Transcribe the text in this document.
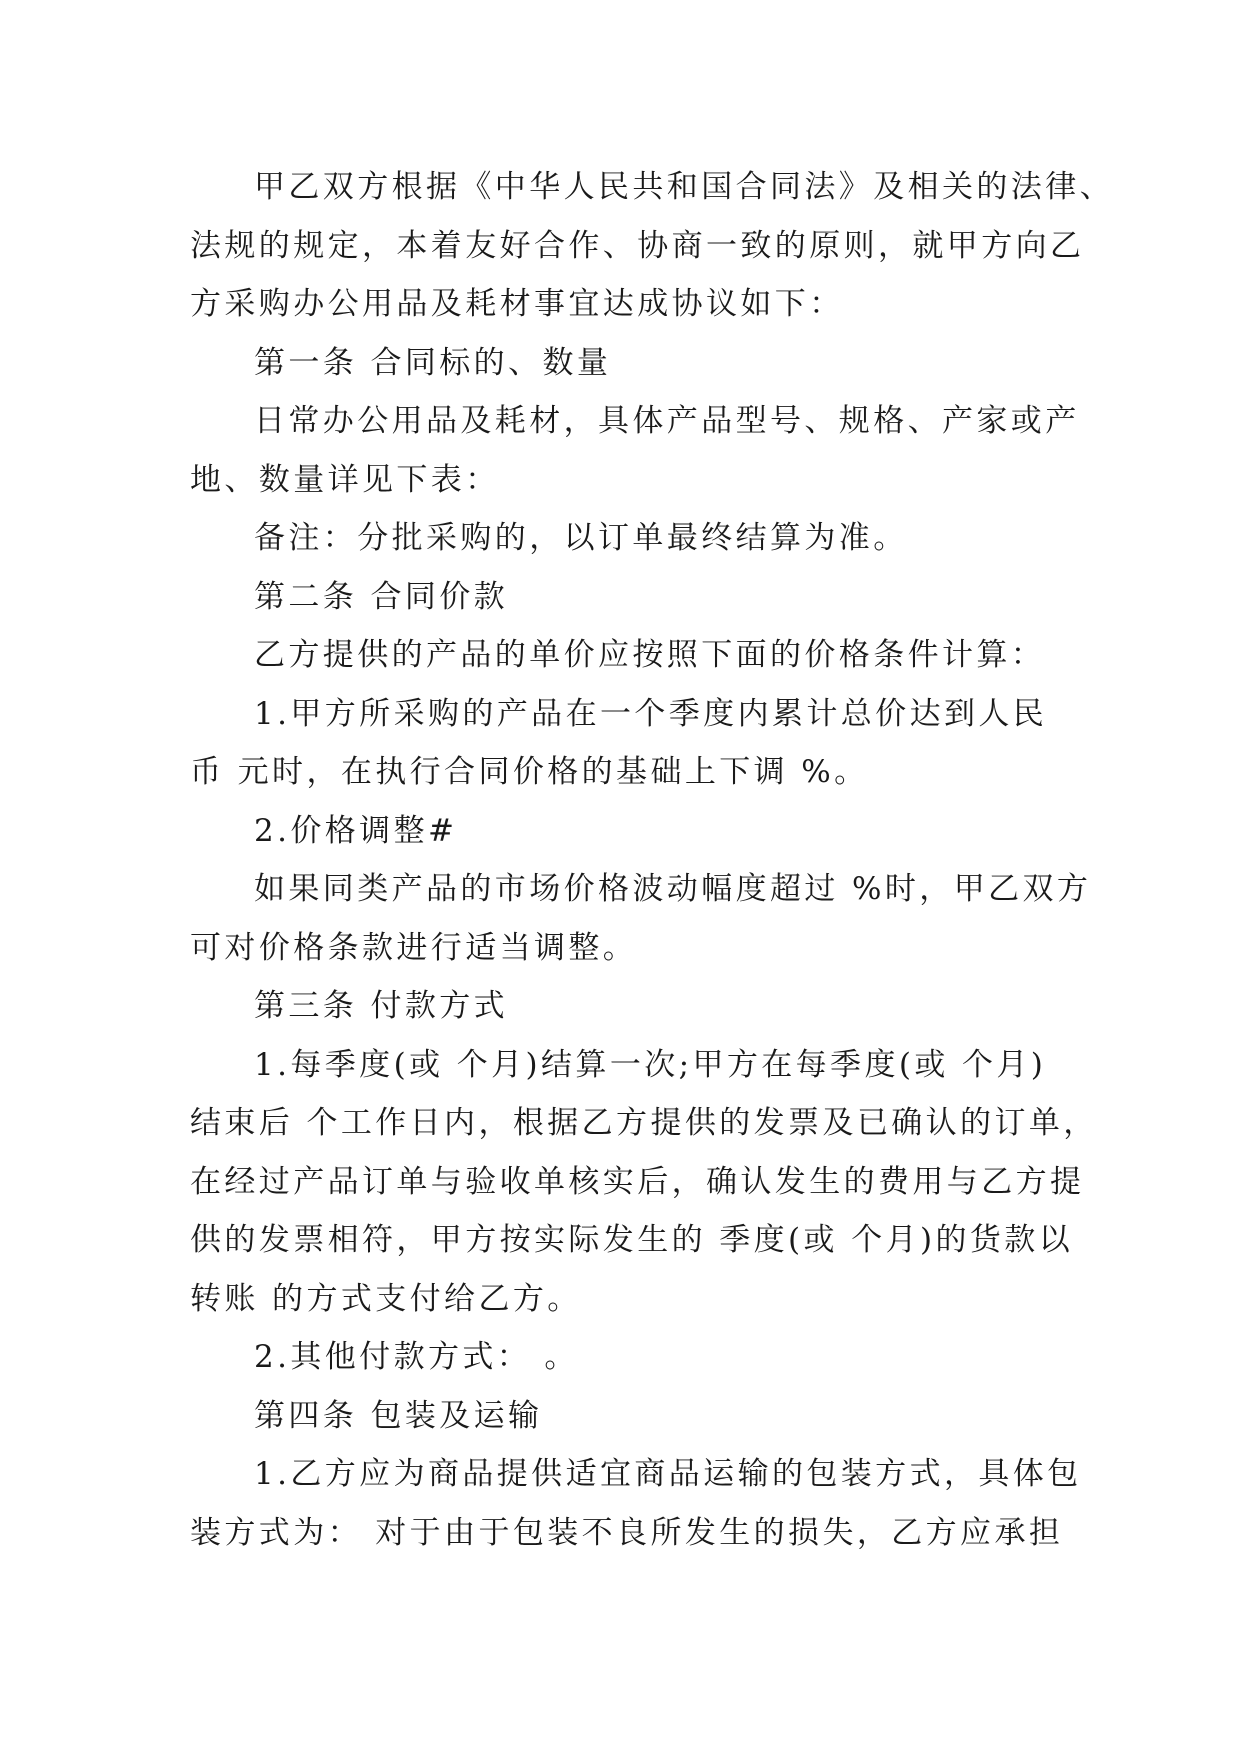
甲乙双方根据《中华人民共和国合同法》及相关的法律、
法规的规定，本着友好合作、协商一致的原则，就甲方向乙
方采购办公用品及耗材事宜达成协议如下：
第一条 合同标的、数量
日常办公用品及耗材，具体产品型号、规格、产家或产
地、数量详见下表：
备注：分批采购的，以订单最终结算为准。
第二条 合同价款
乙方提供的产品的单价应按照下面的价格条件计算：
1.甲方所采购的产品在一个季度内累计总价达到人民
币 元时，在执行合同价格的基础上下调 %。
2.价格调整#
如果同类产品的市场价格波动幅度超过 %时，甲乙双方
可对价格条款进行适当调整。
第三条 付款方式
1.每季度(或 个月)结算一次;甲方在每季度(或 个月)
结束后 个工作日内，根据乙方提供的发票及已确认的订单，
在经过产品订单与验收单核实后，确认发生的费用与乙方提
供的发票相符，甲方按实际发生的 季度(或 个月)的货款以
转账 的方式支付给乙方。
2.其他付款方式： 。
第四条 包装及运输
1.乙方应为商品提供适宜商品运输的包装方式，具体包
装方式为： 对于由于包装不良所发生的损失，乙方应承担
